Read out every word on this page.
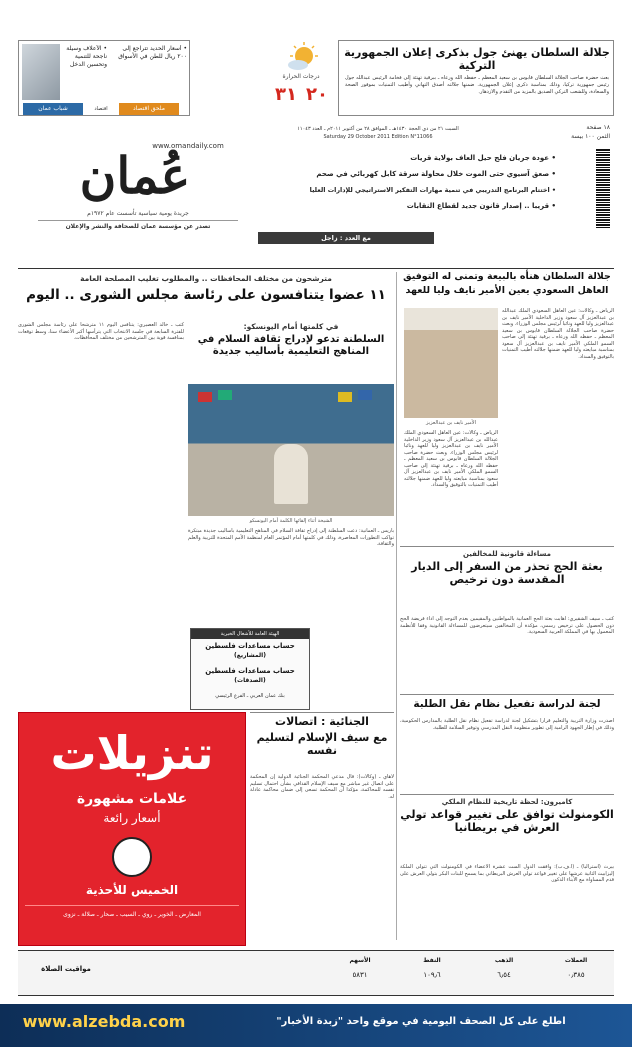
• الأعلاف وسيلة ناجحة للتنمية وتحسين الدخل
• أسعار الحديد تتراجع إلى ٢٠٠ ريال للطن في الأسواق
شباب عمان	ملحق اقتصاد
اقتصاد
درجات الحرارة
٣١ ٢٠
جلالة السلطان يهنئ جول بذكرى إعلان الجمهورية التركية
بعث حضرة صاحب الجلالة السلطان قابوس بن سعيد المعظم ـ حفظه الله ورعاه ـ ببرقية تهنئة إلى فخامة الرئيس عبدالله جول رئيس جمهورية تركيا، وذلك بمناسبة ذكرى إعلان الجمهورية. ضمنها جلالته أصدق التهاني وأطيب التمنيات بموفور الصحة والسعادة، وللشعب التركي الصديق بالمزيد من التقدم والازدهار.
١٨ صفحة
الثمن ١٠٠ بيسة
السبت ٢١ من ذي الحجة ١٤٣٠هـ ـ الموافق ٢٨ من أكتوبر ٢٠١١م ـ العدد ١١٠٤٣
Saturday 29 October 2011 Edition N°11066
www.omandaily.com
عُمان
جريدة يومية سياسية تأسست عام ١٩٧٢م
تصدر عن مؤسسة عمان للصحافة والنشر والإعلان
• عودة جريان فلج حيل العاف بولاية قريات
• صعق آسيوي حتى الموت خلال محاولة سرقة كابل كهربائي في صحم
• اختتام البرنامج التدريبي في تنمية مهارات التفكير الاستراتيجي للإدارات العليا
• قريبا .. إصدار قانون جديد لقطاع النقابات
مع العدد : زاجل
جلالة السلطان هنأه بالبيعة وتمنى له التوفيق
العاهل السعودي يعين الأمير نايف وليا للعهد
الأمير نايف بن عبدالعزيز
الرياض ـ وكالات: عين العاهل السعودي الملك عبدالله بن عبدالعزيز آل سعود وزير الداخلية الأمير نايف بن عبدالعزيز وليا للعهد ونائبا لرئيس مجلس الوزراء. وبعث حضرة صاحب الجلالة السلطان قابوس بن سعيد المعظم ـ حفظه الله ورعاه ـ برقية تهنئة إلى صاحب السمو الملكي الأمير نايف بن عبدالعزيز آل سعود بمناسبة مبايعته وليا للعهد ضمنها جلالته أطيب التمنيات بالتوفيق والسداد.
الرياض ـ وكالات: عين العاهل السعودي الملك عبدالله بن عبدالعزيز آل سعود وزير الداخلية الأمير نايف بن عبدالعزيز وليا للعهد ونائبا لرئيس مجلس الوزراء. وبعث حضرة صاحب الجلالة السلطان قابوس بن سعيد المعظم ـ حفظه الله ورعاه ـ برقية تهنئة إلى صاحب السمو الملكي الأمير نايف بن عبدالعزيز آل سعود بمناسبة مبايعته وليا للعهد ضمنها جلالته أطيب التمنيات بالتوفيق والسداد.
مساءلة قانونية للمخالفين
بعثة الحج تحذر من السفر إلى الديار المقدسة دون ترخيص
كتب ـ سيف الشقيري: أهابت بعثة الحج العمانية بالمواطنين والمقيمين بعدم التوجه إلى أداء فريضة الحج دون الحصول على ترخيص رسمي، مؤكدة أن المخالفين سيتعرضون للمساءلة القانونية وفقا للأنظمة المعمول بها في المملكة العربية السعودية.
لجنة لدراسة تفعيل نظام نقل الطلبة
أصدرت وزارة التربية والتعليم قرارا بتشكيل لجنة لدراسة تفعيل نظام نقل الطلبة بالمدارس الحكومية، وذلك في إطار الجهود الرامية إلى تطوير منظومة النقل المدرسي وتوفير السلامة للطلبة.
كاميرون: لحظة تاريخية للنظام الملكي
الكومنولث توافق على تغيير قواعد تولي العرش في بريطانيا
بيرث (أستراليا) ـ (أ.ف.ب): وافقت الدول الست عشرة الأعضاء في الكومنولث التي تتولى الملكة إليزابيث الثانية عرشها على تغيير قواعد تولي العرش البريطاني بما يسمح للبنات البكر بتولي العرش على قدم المساواة مع الأبناء الذكور.
مترشحون من مختلف المحافظات .. والمطلوب تغليب المصلحة العامة
١١ عضوا يتنافسون على رئاسة مجلس الشورى .. اليوم
كتب ـ خالد العصيري: يتنافس اليوم ١١ مترشحا على رئاسة مجلس الشورى للفترة السابعة في جلسة الانتخاب التي يترأسها أكبر الأعضاء سنا، وسط توقعات بمنافسة قوية بين المترشحين من مختلف المحافظات.
في كلمتها أمام اليونسكو:
السلطنة تدعو لإدراج ثقافة السلام في المناهج التعليمية بأساليب جديدة
الشيخة أثناء إلقائها الكلمة أمام اليونسكو
باريس ـ العمانية: دعت السلطنة إلى إدراج ثقافة السلام في المناهج التعليمية بأساليب جديدة مبتكرة تواكب التطورات المعاصرة، وذلك في كلمتها أمام المؤتمر العام لمنظمة الأمم المتحدة للتربية والعلم والثقافة.
الهيئة العامة للأشغال الخيرية
حساب مساعدات فلسطين
(المشاريع)
حساب مساعدات فلسطين
(الصدقات)
بنك عمان العربي ـ الفرع الرئيسي
الجنائية : اتصالات
مع سيف الإسلام لتسليم نفسه
لاهاي ـ (وكالات): قال مدعي المحكمة الجنائية الدولية إن المحكمة على اتصال غير مباشر مع سيف الإسلام القذافي بشأن احتمال تسليم نفسه للمحاكمة، مؤكدا أن المحكمة تسعى إلى ضمان محاكمة عادلة له.
تنزيلات
علامات مشهورة
أسعار رائعة
الخميس للأحذية
المعارض ـ الخوير ـ روي ـ السيب ـ صحار ـ صلالة ـ نزوى
العملات
٠٫٣٨٥
الذهب
٦٫٥٤
النفط
١٠٩٫٦
الأسهم
٥٨٣١
مواقيت الصلاة
www.alzebda.com	اطلع على كل الصحف اليومية في موقع واحد "زبدة الأخبار"
